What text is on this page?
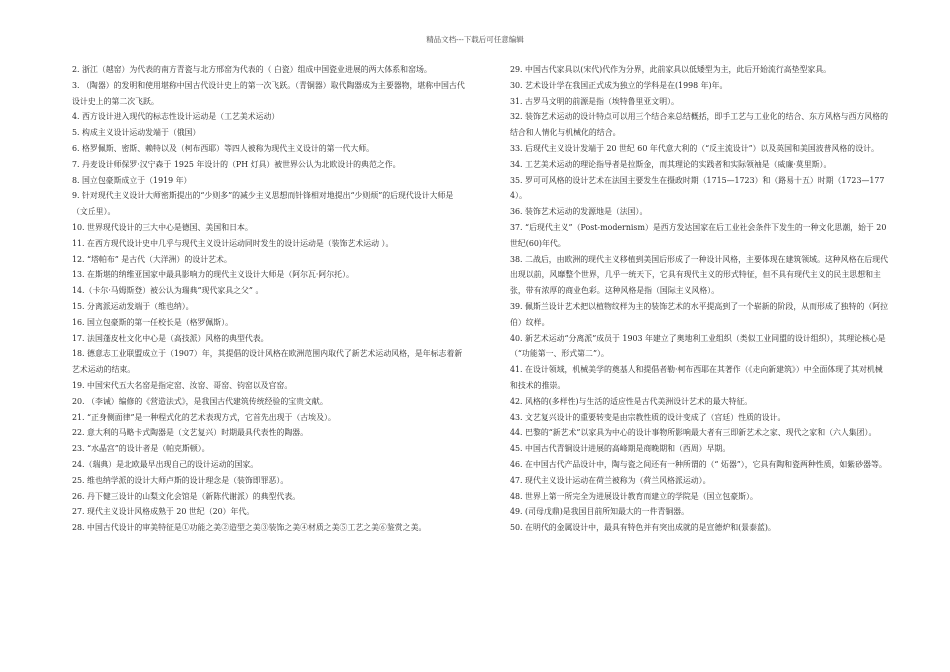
精品文档---下载后可任意编辑

2. 浙江（越窑）为代表的南方青瓷与北方邢窑为代表的（ 白瓷）组成中国瓷业进展的两大体系和窑场。

3. （陶器）的发明和使用堪称中国古代设计史上的第一次飞跃。（青铜器）取代陶器成为主要器物，堪称中国古代设计史上的第二次飞跃。

4. 西方设计进入现代的标志性设计运动是（工艺美术运动）

5. 构成主义设计运动发端于（俄国）

6. 格罗佩斯、密斯、赖特以及（柯布西耶）等四人被称为现代主义设计的第一代大师。

7. 丹麦设计师保罗·汉宁森于 1925 年设计的（PH 灯具）被世界公认为北欧设计的典范之作。

8. 国立包豪斯成立于（1919 年）

9. 针对现代主义设计大师密斯提出的“少则多”的减少主义思想而针锋相对地提出“少则烦”的后现代设计大师是（文丘里）。

10. 世界现代设计的三大中心是德国、美国和日本。

11. 在西方现代设计史中几乎与现代主义设计运动同时发生的设计运动是（装饰艺术运动 ）。

12. “塔帕布” 是古代（大洋洲）的设计艺术。

13. 在斯堪的纳维亚国家中最具影响力的现代主义设计大师是（阿尔瓦·阿尔托）。

14.（卡尔·马姆斯登）被公认为瑞典“现代家具之父” 。

15. 分离派运动发端于（维也纳）。

16. 国立包豪斯的第一任校长是（格罗佩斯）。

17. 法国蓬皮杜文化中心是（高技派）风格的典型代表。

18. 德意志工业联盟成立于（1907）年，其提倡的设计风格在欧洲范围内取代了新艺术运动风格，是年标志着新艺术运动的结束。

19. 中国宋代五大名窑是指定窑、汝窑、哥窑、钧窑以及官窑。

20. （李诫）编修的《营造法式》，是我国古代建筑传统经验的宝贵文献。

21. “正身侧面律”是一种程式化的艺术表现方式，它首先出现于（古埃及）。

22. 意大利的马略卡式陶器是（文艺复兴）时期最具代表性的陶器。

23. “水晶宫”的设计者是（帕克斯顿）。

24.（瑞典）是北欧最早出现自己的设计运动的国家。

25. 维也纳学派的设计大师卢斯的设计理念是（装饰即罪恶）。

26. 丹下健三设计的山梨文化会馆是（新陈代谢派）的典型代表。

27. 现代主义设计风格成熟于 20 世纪（20）年代。

28. 中国古代设计的审美特征是①功能之美②造型之美③装饰之美④材质之美⑤工艺之美⑥鉴赏之美。

29. 中国古代家具以(宋代)代作为分界，此前家具以低矮型为主，此后开始流行高垫型家具。

30. 艺术设计学在我国正式成为独立的学科是在(1998 年)年。

31. 古罗马文明的前源是指（埃特鲁里亚文明）。

32. 装饰艺术运动的设计特点可以用三个结合来总结概括，即手工艺与工业化的结合、东方风格与西方风格的结合和人情化与机械化的结合。

33. 后现代主义设计发端于 20 世纪 60 年代意大利的（“反主流设计”）以及英国和美国波普风格的设计。

34. 工艺美术运动的理论指导者是拉斯金，而其理论的实践者和实际领袖是（威廉·莫里斯）。

35. 罗可可风格的设计艺术在法国主要发生在摄政时期（1715—1723）和（路易十五）时期（1723—1774）。

36. 装饰艺术运动的发源地是（法国）。

37. “后现代主义”（Post-modernism）是西方发达国家在后工业社会条件下发生的一种文化思潮，始于 20 世纪(60)年代。

38. 二战后，由欧洲的现代主义移植到美国后形成了一种设计风格，主要体现在建筑领域。这种风格在后现代出现以前，风靡整个世界，几乎一统天下，它具有现代主义的形式特征，但不具有现代主义的民主思想和主张，带有浓厚的商业色彩。这种风格是指（国际主义风格）。

39. 佩斯兰设计艺术把以植物纹样为主的装饰艺术的水平提高到了一个崭新的阶段，从而形成了独特的（阿拉伯）纹样。

40. 新艺术运动“分离派”成员于 1903 年建立了奥地利工业组织（类似工业同盟的设计组织），其理论核心是（“功能第一、形式第二”）。

41. 在设计领域，机械美学的奠基人和提倡者勒·柯布西耶在其著作（《走向新建筑》）中全面体现了其对机械和技术的推崇。

42. 风格的(多样性)与生活的适应性是古代美洲设计艺术的最大特征。

43. 文艺复兴设计的重要转变是由宗教性质的设计变成了（宫廷）性质的设计。

44. 巴黎的“新艺术”以家具为中心的设计事物所影响最大者有三即新艺术之家、现代之家和（六人集团）。

45. 中国古代青铜设计进展的高峰期是商晚期和（西周）早期。

46. 在中国古代产品设计中，陶与瓷之间还有一种所谓的（“ 炻器”），它具有陶和瓷两种性质，如紫砂器等。

47. 现代主义设计运动在荷兰被称为（荷兰风格派运动）。

48. 世界上第一所完全为进展设计教育而建立的学院是（国立包豪斯）。

49. (司母戊鼎)是我国目前所知最大的一件青铜器。

50. 在明代的金属设计中，最具有特色并有突出成就的是宣德炉和(景泰蓝)。
